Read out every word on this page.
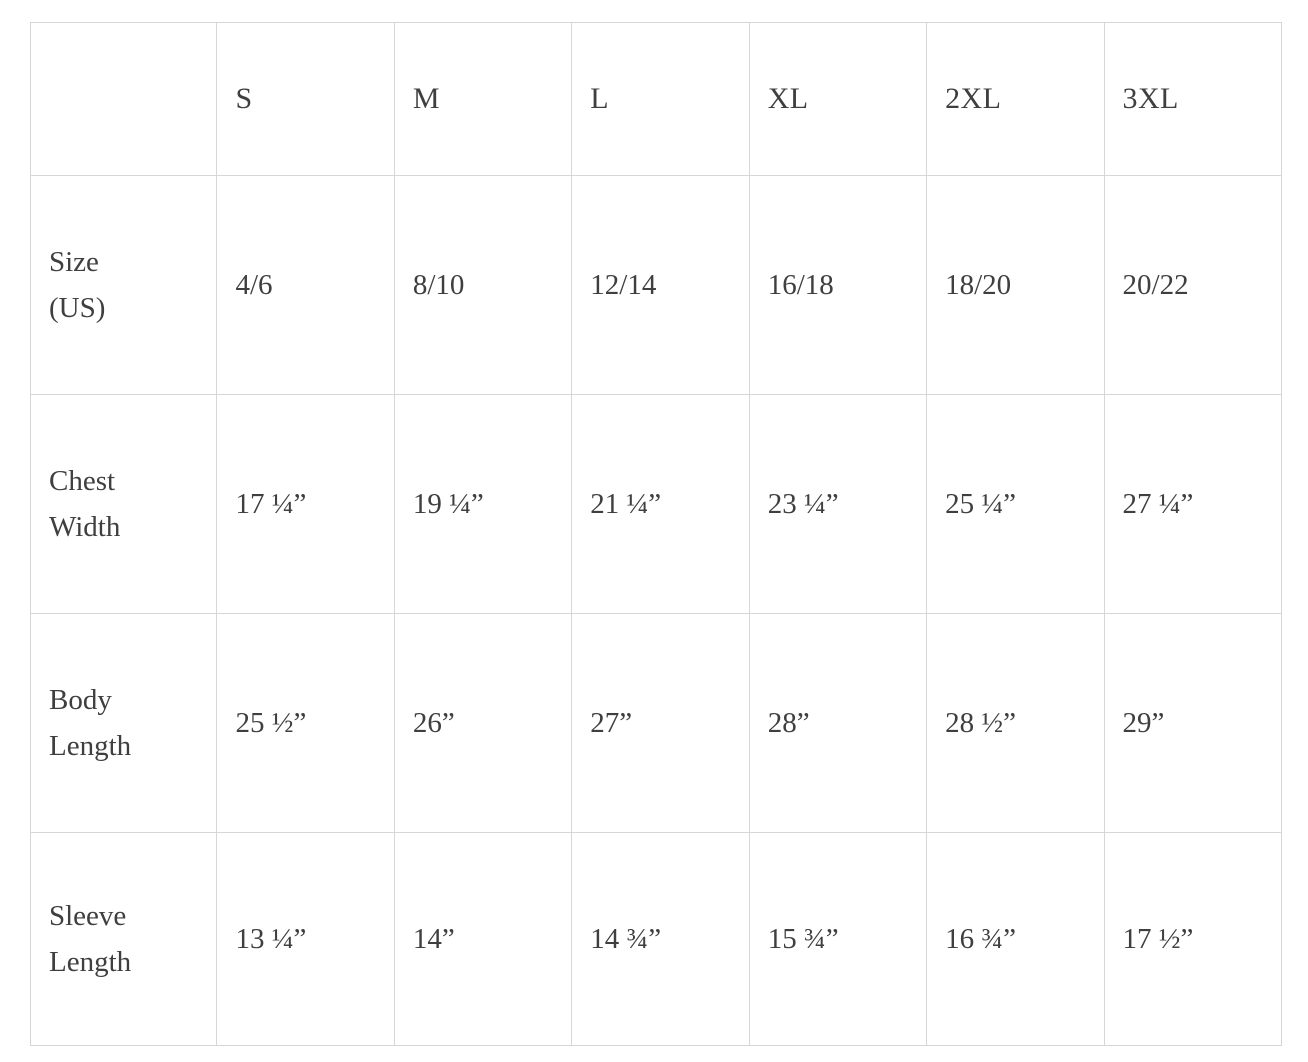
	S	M	L	XL	2XL	3XL
Size
(US)	4/6	8/10	12/14	16/18	18/20	20/22
Chest
Width	17 ¼”	19 ¼”	21 ¼”	23 ¼”	25 ¼”	27 ¼”
Body
Length	25 ½”	26”	27”	28”	28 ½”	29”
Sleeve
Length	13 ¼”	14”	14 ¾”	15 ¾”	16 ¾”	17 ½”
